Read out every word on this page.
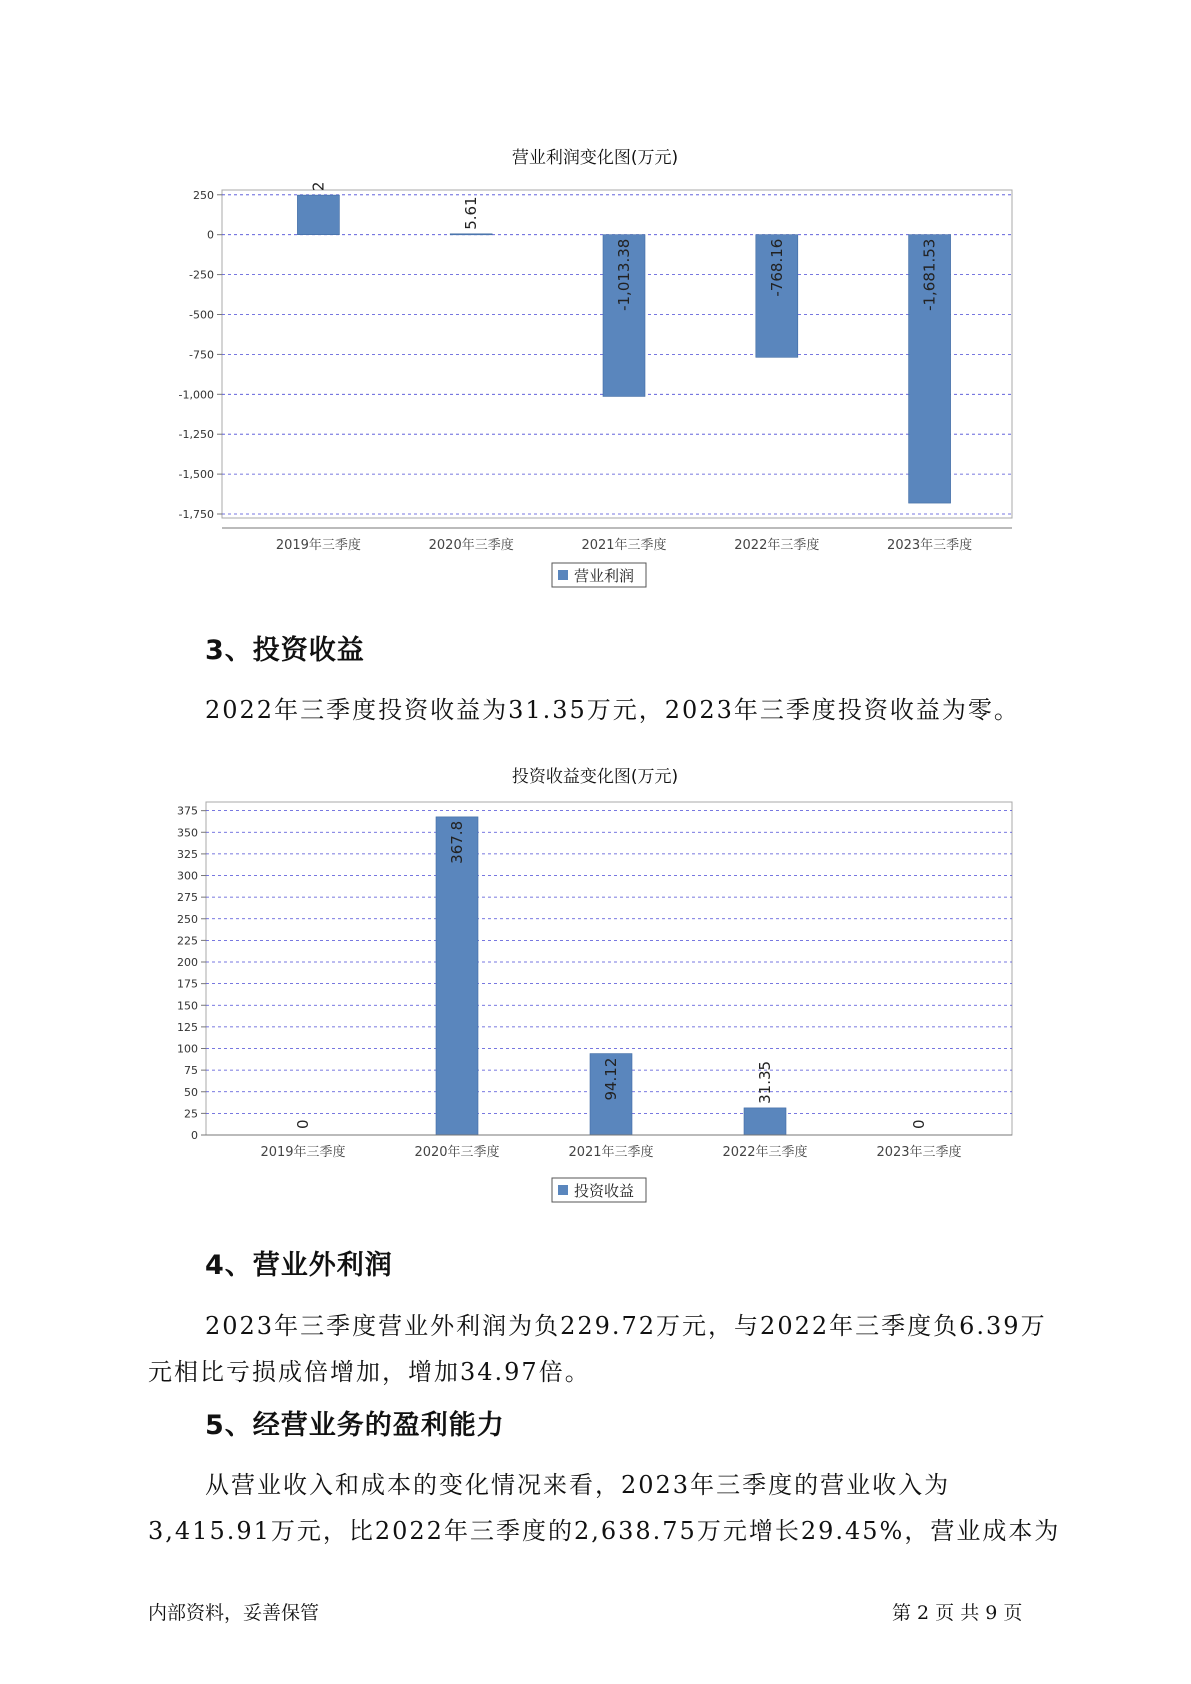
营业利润变化图(万元)
250
0
-250
-500
-750
-1,000
-1,250
-1,500
-1,750
2
5.61
-1,013.38	-768.16	-1,681.53
2019年三季度	2020年三季度	2021年三季度	2022年三季度	2023年三季度
营业利润
投资收益变化图(万元)
375
350
325
300
275
250
225
200
175
150
125
100
75
50
25
0
0
367.8
94.12	31.35
0
2019年三季度	2020年三季度	2021年三季度	2022年三季度	2023年三季度
投资收益
3、投资收益
2022年三季度投资收益为31.35万元，2023年三季度投资收益为零。
4、营业外利润
2023年三季度营业外利润为负229.72万元，与2022年三季度负6.39万
元相比亏损成倍增加，增加34.97倍。
5、经营业务的盈利能力
从营业收入和成本的变化情况来看，2023年三季度的营业收入为
3,415.91万元，比2022年三季度的2,638.75万元增长29.45%，营业成本为
内部资料，妥善保管	第 2 页 共 9 页
